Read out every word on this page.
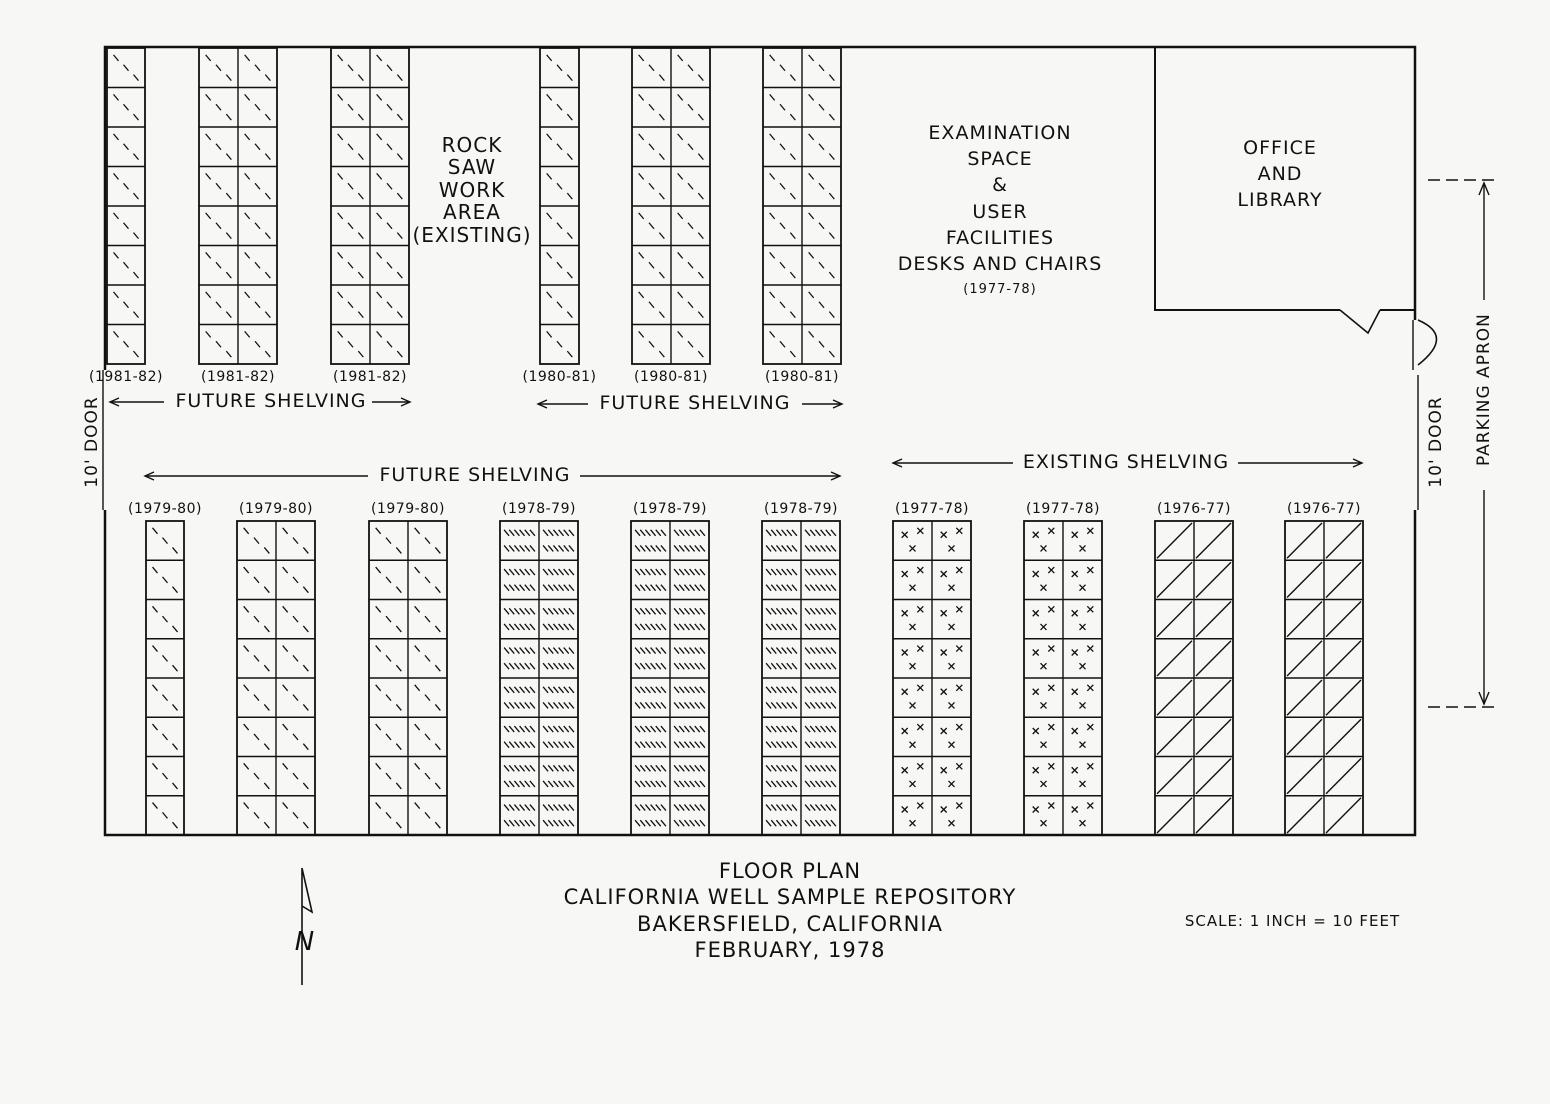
ROCK
SAW
WORK
AREA
(EXISTING)
EXAMINATION
SPACE
&
USER
FACILITIES
DESKS AND CHAIRS
(1977-78)
OFFICE
AND
LIBRARY
FUTURE SHELVING	FUTURE SHELVING
FUTURE SHELVING
EXISTING SHELVING
10' DOOR	10' DOOR PARKING APRON
N
FLOOR PLAN
CALIFORNIA WELL SAMPLE REPOSITORY
BAKERSFIELD, CALIFORNIA
FEBRUARY, 1978
SCALE: 1 INCH = 10 FEET
(1981-82)	(1981-82)	(1981-82)	(1980-81)	(1980-81)	(1980-81)
(1979-80)	(1979-80)	(1979-80)	(1978-79)	(1978-79)	(1978-79)	(1977-78)	(1977-78)	(1976-77)	(1976-77)
